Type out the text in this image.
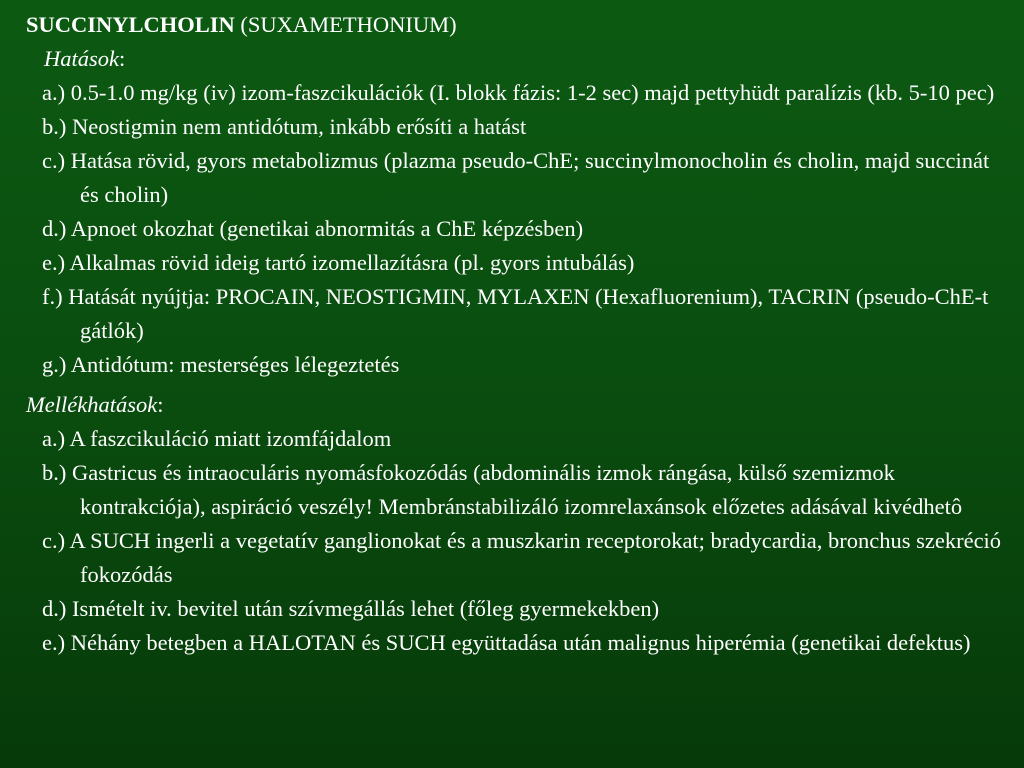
SUCCINYLCHOLIN (SUXAMETHONIUM)

Hatások:

a.) 0.5-1.0 mg/kg (iv) izom-faszcikulációk (I. blokk fázis: 1-2 sec) majd pettyhüdt paralízis (kb. 5-10 pec)
b.) Neostigmin nem antidótum, inkább erősíti a hatást
c.) Hatása rövid, gyors metabolizmus (plazma pseudo-ChE; succinylmonocholin és cholin, majd succinát és cholin)
d.) Apnoet okozhat (genetikai abnormitás a ChE képzésben)
e.) Alkalmas rövid ideig tartó izomellazításra (pl. gyors intubálás)
f.) Hatását nyújtja: PROCAIN, NEOSTIGMIN, MYLAXEN (Hexafluorenium), TACRIN (pseudo-ChE-t gátlók)
g.) Antidótum: mesterséges lélegeztetés

Mellékhatások:

a.) A faszcikuláció miatt izomfájdalom
b.) Gastricus és intraoculáris nyomásfokozódás (abdominális izmok rángása, külső szemizmok kontrakciója), aspiráció veszély! Membránstabilizáló izomrelaxánsok előzetes adásával kivédhetô
c.) A SUCH ingerli a vegetatív ganglionokat és a muszkarin receptorokat; bradycardia, bronchus szekréció fokozódás
d.) Ismételt iv. bevitel után szívmegállás lehet (főleg gyermekekben)
e.) Néhány betegben a HALOTAN és SUCH együttadása után malignus hiperémia (genetikai defektus)
